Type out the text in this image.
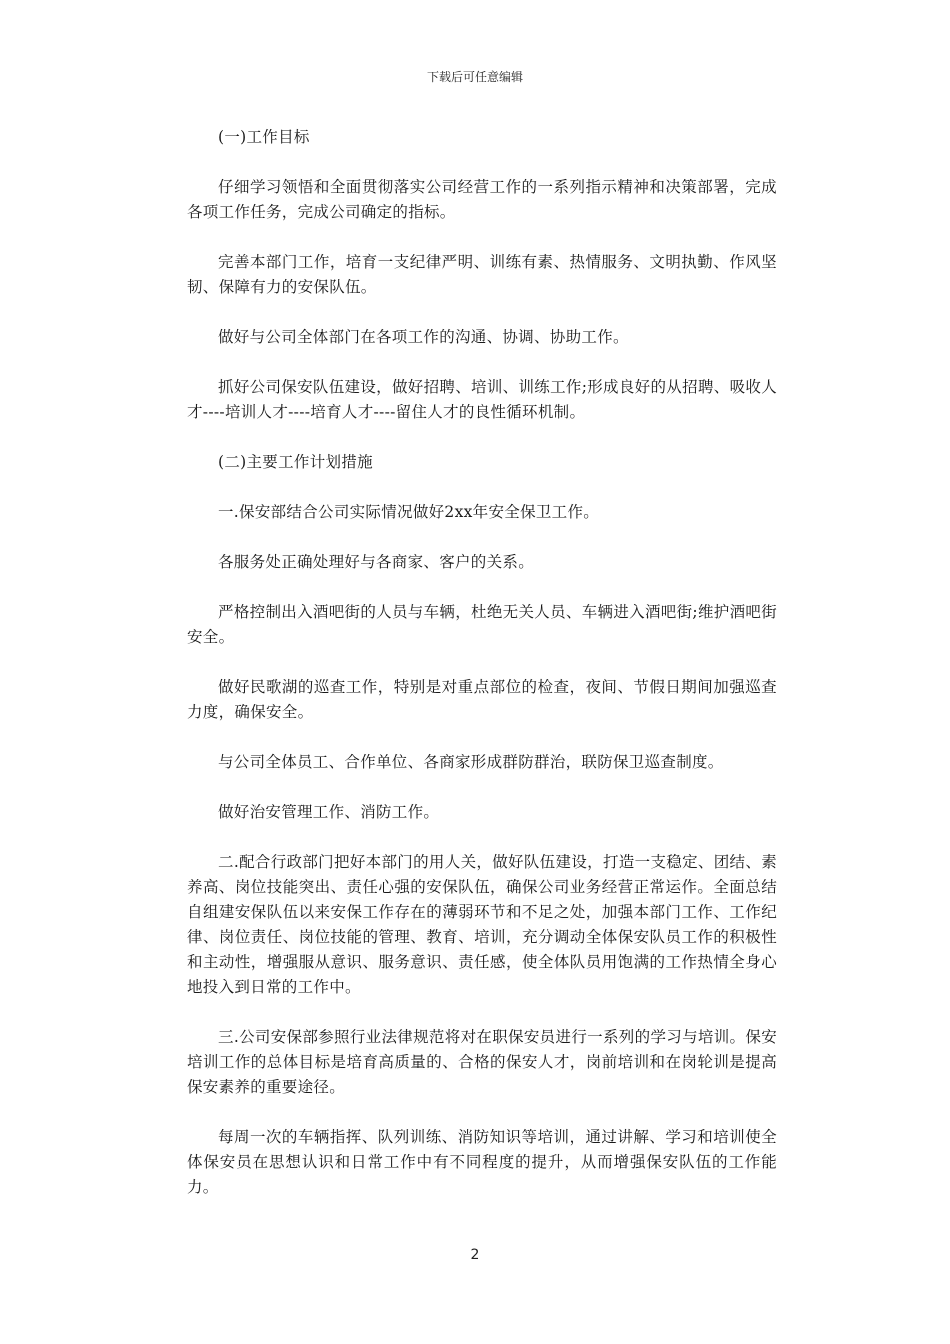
下载后可任意编辑

(一)工作目标

仔细学习领悟和全面贯彻落实公司经营工作的一系列指示精神和决策部署，完成各项工作任务，完成公司确定的指标。

完善本部门工作，培育一支纪律严明、训练有素、热情服务、文明执勤、作风坚韧、保障有力的安保队伍。

做好与公司全体部门在各项工作的沟通、协调、协助工作。

抓好公司保安队伍建设，做好招聘、培训、训练工作;形成良好的从招聘、吸收人才----培训人才----培育人才----留住人才的良性循环机制。

(二)主要工作计划措施

一.保安部结合公司实际情况做好2xx年安全保卫工作。

各服务处正确处理好与各商家、客户的关系。

严格控制出入酒吧街的人员与车辆，杜绝无关人员、车辆进入酒吧街;维护酒吧街安全。

做好民歌湖的巡查工作，特别是对重点部位的检查，夜间、节假日期间加强巡查力度，确保安全。

与公司全体员工、合作单位、各商家形成群防群治，联防保卫巡查制度。

做好治安管理工作、消防工作。

二.配合行政部门把好本部门的用人关，做好队伍建设，打造一支稳定、团结、素养高、岗位技能突出、责任心强的安保队伍，确保公司业务经营正常运作。全面总结自组建安保队伍以来安保工作存在的薄弱环节和不足之处，加强本部门工作、工作纪律、岗位责任、岗位技能的管理、教育、培训，充分调动全体保安队员工作的积极性和主动性，增强服从意识、服务意识、责任感，使全体队员用饱满的工作热情全身心地投入到日常的工作中。

三.公司安保部参照行业法律规范将对在职保安员进行一系列的学习与培训。保安培训工作的总体目标是培育高质量的、合格的保安人才，岗前培训和在岗轮训是提高保安素养的重要途径。

每周一次的车辆指挥、队列训练、消防知识等培训，通过讲解、学习和培训使全体保安员在思想认识和日常工作中有不同程度的提升，从而增强保安队伍的工作能力。

2
